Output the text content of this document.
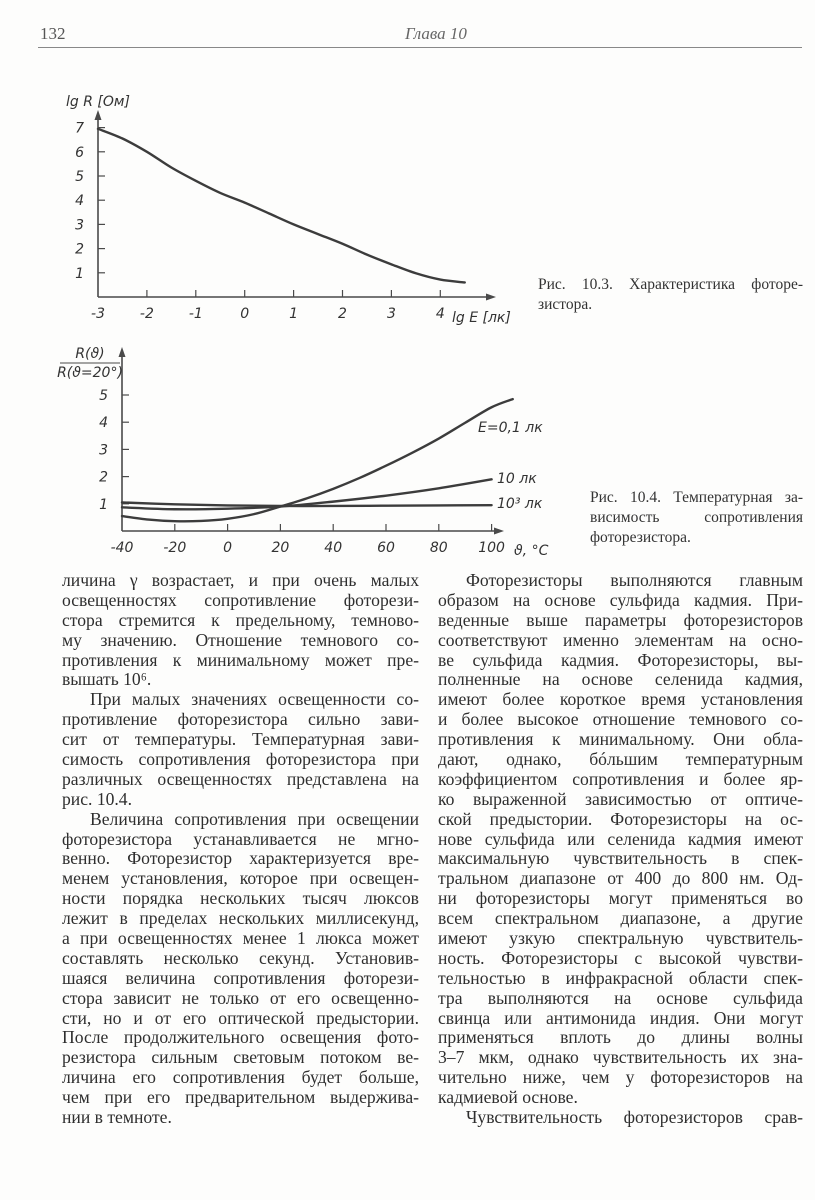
132	Глава 10
-3 -2 -1	0	1	2	3	4
1
2
3
4
5
6
7
-40 -20	0	20 40 60 80 100
1
2
3
4
5
lg R [Ом]
lg E [лк]
R(ϑ)
R(ϑ=20°)
ϑ, °C
E=0,1 лк
10 лк
10³ лк
Рис. 10.3. Характеристика фоторе-
зистора.
Рис. 10.4. Температурная за-
висимость сопротивления
фоторезистора.
личина γ возрастает, и при очень малых
освещенностях сопротивление фоторези-
стора стремится к предельному, темново-
му значению. Отношение темнового со-
противления к минимальному может пре-
вышать 10⁶.
При малых значениях освещенности со-
противление фоторезистора сильно зави-
сит от температуры. Температурная зави-
симость сопротивления фоторезистора при
различных освещенностях представлена на
рис. 10.4.
Величина сопротивления при освещении
фоторезистора устанавливается не мгно-
венно. Фоторезистор характеризуется вре-
менем установления, которое при освещен-
ности порядка нескольких тысяч люксов
лежит в пределах нескольких миллисекунд,
а при освещенностях менее 1 люкса может
составлять несколько секунд. Установив-
шаяся величина сопротивления фоторези-
стора зависит не только от его освещенно-
сти, но и от его оптической предыстории.
После продолжительного освещения фото-
резистора сильным световым потоком ве-
личина его сопротивления будет больше,
чем при его предварительном выдержива-
нии в темноте.
Фоторезисторы выполняются главным
образом на основе сульфида кадмия. При-
веденные выше параметры фоторезисторов
соответствуют именно элементам на осно-
ве сульфида кадмия. Фоторезисторы, вы-
полненные на основе селенида кадмия,
имеют более короткое время установления
и более высокое отношение темнового со-
противления к минимальному. Они обла-
дают, однако, бóльшим температурным
коэффициентом сопротивления и более яр-
ко выраженной зависимостью от оптиче-
ской предыстории. Фоторезисторы на ос-
нове сульфида или селенида кадмия имеют
максимальную чувствительность в спек-
тральном диапазоне от 400 до 800 нм. Од-
ни фоторезисторы могут применяться во
всем спектральном диапазоне, а другие
имеют узкую спектральную чувствитель-
ность. Фоторезисторы с высокой чувстви-
тельностью в инфракрасной области спек-
тра выполняются на основе сульфида
свинца или антимонида индия. Они могут
применяться вплоть до длины волны
3–7 мкм, однако чувствительность их зна-
чительно ниже, чем у фоторезисторов на
кадмиевой основе.
Чувствительность фоторезисторов срав-
